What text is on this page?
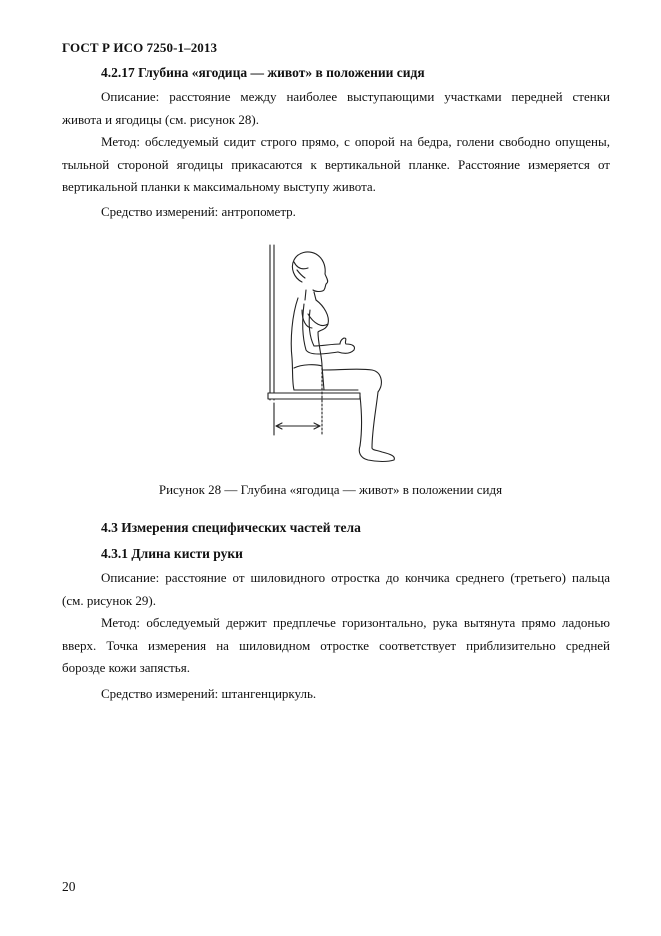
ГОСТ Р ИСО 7250-1–2013
4.2.17 Глубина «ягодица — живот» в положении сидя
Описание: расстояние между наиболее выступающими участками передней стенки
живота и ягодицы (см. рисунок 28).
Метод: обследуемый сидит строго прямо, с опорой на бедра, голени свободно опущены,
тыльной стороной ягодицы прикасаются к вертикальной планке. Расстояние измеряется от
вертикальной планки к максимальному выступу живота.
Средство измерений: антропометр.
Рисунок 28 — Глубина «ягодица — живот» в положении сидя
4.3 Измерения специфических частей тела
4.3.1 Длина кисти руки
Описание: расстояние от шиловидного отростка до кончика среднего (третьего) пальца
(см. рисунок 29).
Метод: обследуемый держит предплечье горизонтально, рука вытянута прямо ладонью
вверх. Точка измерения на шиловидном отростке соответствует приблизительно средней
борозде кожи запястья.
Средство измерений: штангенциркуль.
20
